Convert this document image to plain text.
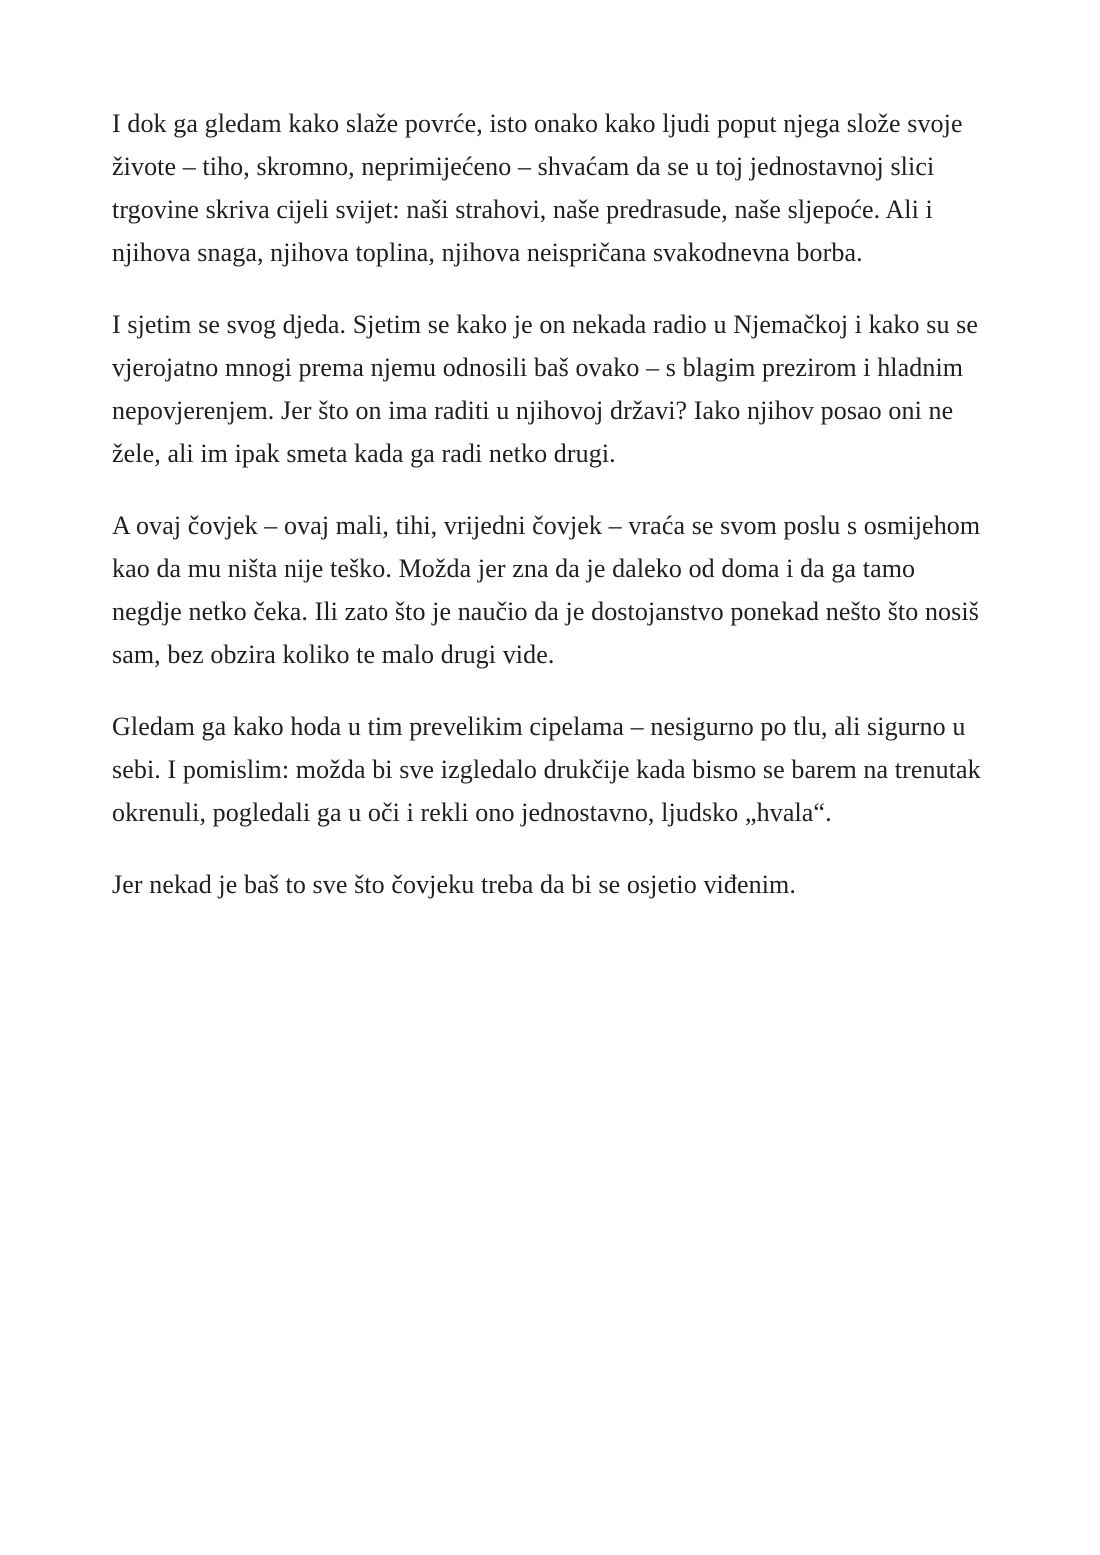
I dok ga gledam kako slaže povrće, isto onako kako ljudi poput njega slože svoje živote – tiho, skromno, neprimijećeno – shvaćam da se u toj jednostavnoj slici trgovine skriva cijeli svijet: naši strahovi, naše predrasude, naše sljepoće. Ali i njihova snaga, njihova toplina, njihova neispričana svakodnevna borba.

I sjetim se svog djeda. Sjetim se kako je on nekada radio u Njemačkoj i kako su se vjerojatno mnogi prema njemu odnosili baš ovako – s blagim prezirom i hladnim nepovjerenjem. Jer što on ima raditi u njihovoj državi? Iako njihov posao oni ne žele, ali im ipak smeta kada ga radi netko drugi.

A ovaj čovjek – ovaj mali, tihi, vrijedni čovjek – vraća se svom poslu s osmijehom kao da mu ništa nije teško. Možda jer zna da je daleko od doma i da ga tamo negdje netko čeka. Ili zato što je naučio da je dostojanstvo ponekad nešto što nosiš sam, bez obzira koliko te malo drugi vide.

Gledam ga kako hoda u tim prevelikim cipelama – nesigurno po tlu, ali sigurno u sebi. I pomislim: možda bi sve izgledalo drukčije kada bismo se barem na trenutak okrenuli, pogledali ga u oči i rekli ono jednostavno, ljudsko „hvala“.

Jer nekad je baš to sve što čovjeku treba da bi se osjetio viđenim.
